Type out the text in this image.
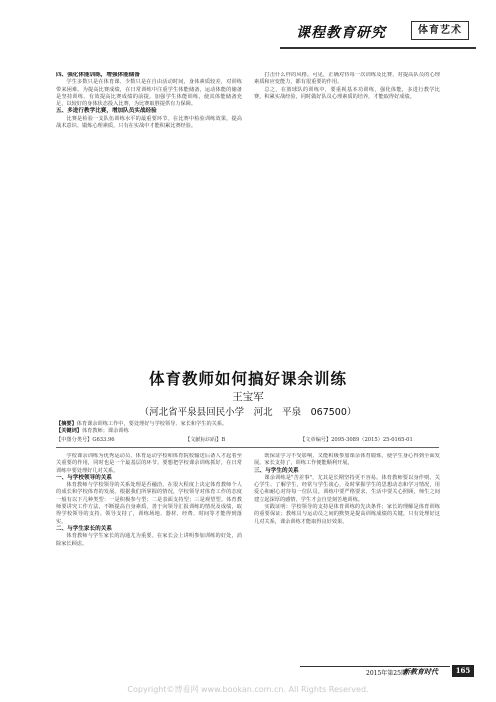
课程教育研究	体育艺术
四、强化体能训练，增强体能储备
学生多数只是在体育课、少数只是在自由活动时间，身体素质较差，对训练带来困难。为提高比赛成绩，在日常训练中注重学生体能储备，运动体能的储备是坚持训练、有效提高比赛成绩的前提。加强学生体能训练，使其体能储备充足，以较好的身体状态投入比赛，为比赛取胜提供有力保障。
五、多进行教学比赛，增加队员实战经验
比赛是检验一支队伍训练水平的最重要环节。在比赛中检验训练效果，提高战术意识、锻炼心理素质，只有在实战中才能积累比赛经验。
打击什么样的风格。可见，正确对待每一次训练及比赛，对提高队员的心理素质和应变能力，都有很重要的作用。
总之，在篮球队的训练中，要重视基本功训练，强化体能，多进行教学比赛，积累实战经验，同时做好队员心理素质的培养，才能取得好成绩。
体育教师如何搞好课余训练
王宝军
（河北省平泉县回民小学　河北　平泉　067500）
【摘要】体育课余训练工作中，要处理好与学校领导、家长和学生的关系。
【关键词】体育教师；课余训练
【中图分类号】G633.96	【文献标识码】B	【文章编号】2095-3089（2015）25-0165-01
学校课余训练为优秀运动员、体育运动学校和体育院校输送后备人才起着至关重要的作用，同时也是一个最基层的环节。要想把学校课余训练抓好，在日常训练中要处理好几对关系。
一、与学校领导的关系
体育教师与学校领导的关系处理是否融洽，在很大程度上决定体育教师个人的成长和学校体育的发展。根据我们所掌握的情况，学校领导对体育工作的态度一般有以下几种类型：一是积极参与型；二是表面支持型；三是观望型。体育教师要讲究工作方法，不断提高自身素质，善于向领导汇报训练的情况及成绩，取得学校领导的支持。领导支持了，训练场地、器材、经费、时间等才能得到落实。
二、与学生家长的关系
体育教师与学生家长的沟通尤为重要。在家长会上讲明参加训练的好处，消除家长顾虑。
既保证学习不受影响，又能积极参加课余体育锻炼，使学生身心得到全面发展。家长支持了，训练工作便能顺利开展。
三、与学生的关系
课余训练是"苦差事"，尤其是长期坚持更不容易。体育教师要以身作则、关心学生、了解学生，经常与学生谈心，及时掌握学生的思想动态和学习情况，用爱心和耐心对待每一位队员。训练中要严格要求，生活中要关心照顾，师生之间建立起深厚的感情，学生才会自觉刻苦地训练。
实践证明：学校领导的支持是体育训练的先决条件；家长的理解是体育训练的重要保证；教练员与运动员之间的默契是提高训练成绩的关键。只有处理好这几对关系，课余训练才能取得良好效果。
2015年第25期
新教育时代	165
Copyright©博看网 www.bookan.com.cn. All Rights Reserved.
